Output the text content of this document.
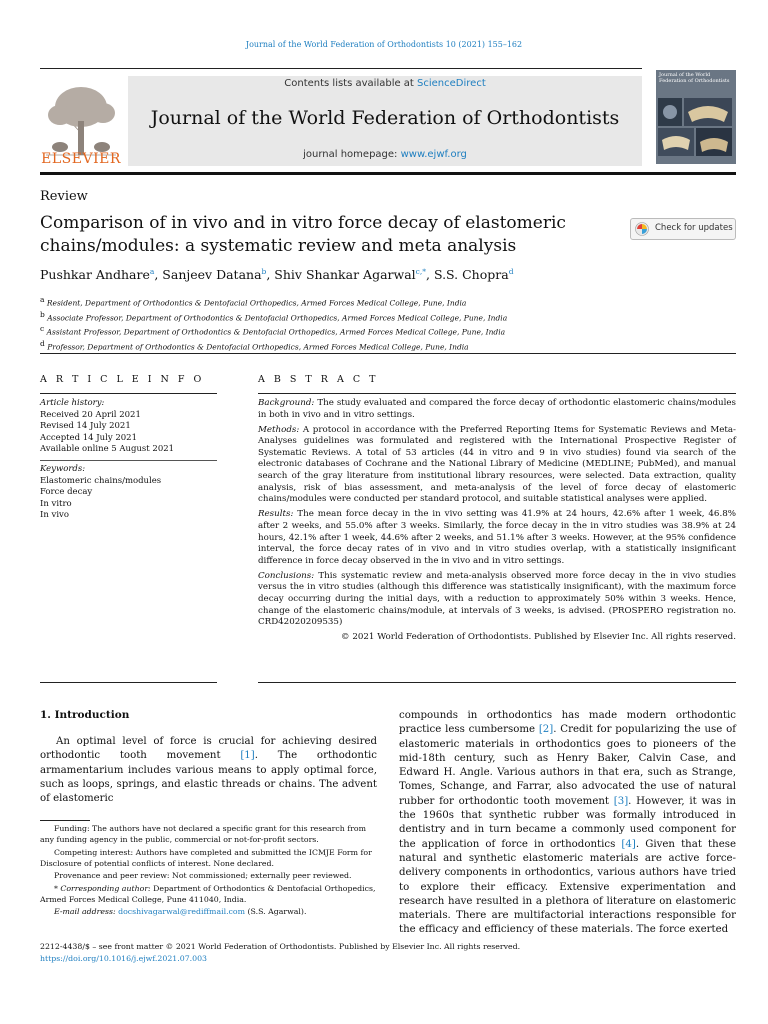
Journal of the World Federation of Orthodontists 10 (2021) 155–162
ELSEVIER
Contents lists available at ScienceDirect
Journal of the World Federation of Orthodontists
journal homepage: www.ejwf.org
Journal of the World Federation of Orthodontists
Review
Comparison of in vivo and in vitro force decay of elastomeric chains/modules: a systematic review and meta analysis
Check for updates
Pushkar Andhare$^a$, Sanjeev Datana$^b$, Shiv Shankar Agarwal$^{c,*}$, S.S. Chopra$^d$
$^a$ Resident, Department of Orthodontics & Dentofacial Orthopedics, Armed Forces Medical College, Pune, India
$^b$ Associate Professor, Department of Orthodontics & Dentofacial Orthopedics, Armed Forces Medical College, Pune, India
$^c$ Assistant Professor, Department of Orthodontics & Dentofacial Orthopedics, Armed Forces Medical College, Pune, India
$^d$ Professor, Department of Orthodontics & Dentofacial Orthopedics, Armed Forces Medical College, Pune, India
A R T I C L E I N F O	A B S T R A C T
Article history:
Received 20 April 2021
Revised 14 July 2021
Accepted 14 July 2021
Available online 5 August 2021
Keywords:
Elastomeric chains/modules
Force decay
In vitro
In vivo

Background: The study evaluated and compared the force decay of orthodontic elastomeric chains/modules in both in vivo and in vitro settings.

Methods: A protocol in accordance with the Preferred Reporting Items for Systematic Reviews and Meta-Analyses guidelines was formulated and registered with the International Prospective Register of Systematic Reviews. A total of 53 articles (44 in vitro and 9 in vivo studies) found via search of the electronic databases of Cochrane and the National Library of Medicine (MEDLINE; PubMed), and manual search of the gray literature from institutional library resources, were selected. Data extraction, quality analysis, risk of bias assessment, and meta-analysis of the level of force decay of elastomeric chains/modules were conducted per standard protocol, and suitable statistical analyses were applied.

Results: The mean force decay in the in vivo setting was 41.9% at 24 hours, 42.6% after 1 week, 46.8% after 2 weeks, and 55.0% after 3 weeks. Similarly, the force decay in the in vitro studies was 38.9% at 24 hours, 42.1% after 1 week, 44.6% after 2 weeks, and 51.1% after 3 weeks. However, at the 95% confidence interval, the force decay rates of in vivo and in vitro studies overlap, with a statistically insignificant difference in force decay observed in the in vivo and in vitro settings.

Conclusions: This systematic review and meta-analysis observed more force decay in the in vivo studies versus the in vitro studies (although this difference was statistically insignificant), with the maximum force decay occurring during the initial days, with a reduction to approximately 50% within 3 weeks. Hence, change of the elastomeric chains/module, at intervals of 3 weeks, is advised. (PROSPERO registration no. CRD42020209535)

© 2021 World Federation of Orthodontists. Published by Elsevier Inc. All rights reserved.

1. Introduction
An optimal level of force is crucial for achieving desired orthodontic tooth movement [1]. The orthodontic armamentarium includes various means to apply optimal force, such as loops, springs, and elastic threads or chains. The advent of elastomeric

Funding: The authors have not declared a specific grant for this research from any funding agency in the public, commercial or not-for-profit sectors.

Competing interest: Authors have completed and submitted the ICMJE Form for Disclosure of potential conflicts of interest. None declared.

Provenance and peer review: Not commissioned; externally peer reviewed.

* Corresponding author: Department of Orthodontics & Dentofacial Orthopedics, Armed Forces Medical College, Pune 411040, India.

E-mail address: docshivagarwal@rediffmail.com (S.S. Agarwal).

compounds in orthodontics has made modern orthodontic practice less cumbersome [2]. Credit for popularizing the use of elastomeric materials in orthodontics goes to pioneers of the mid-18th century, such as Henry Baker, Calvin Case, and Edward H. Angle. Various authors in that era, such as Strange, Tomes, Schange, and Farrar, also advocated the use of natural rubber for orthodontic tooth movement [3]. However, it was in the 1960s that synthetic rubber was formally introduced in dentistry and in turn became a commonly used component for the application of force in orthodontics [4]. Given that these natural and synthetic elastomeric materials are active force-delivery components in orthodontics, various authors have tried to explore their efficacy. Extensive experimentation and research have resulted in a plethora of literature on elastomeric materials. There are multifactorial interactions responsible for the efficacy and efficiency of these materials. The force exerted
2212-4438/$ – see front matter © 2021 World Federation of Orthodontists. Published by Elsevier Inc. All rights reserved.
https://doi.org/10.1016/j.ejwf.2021.07.003
